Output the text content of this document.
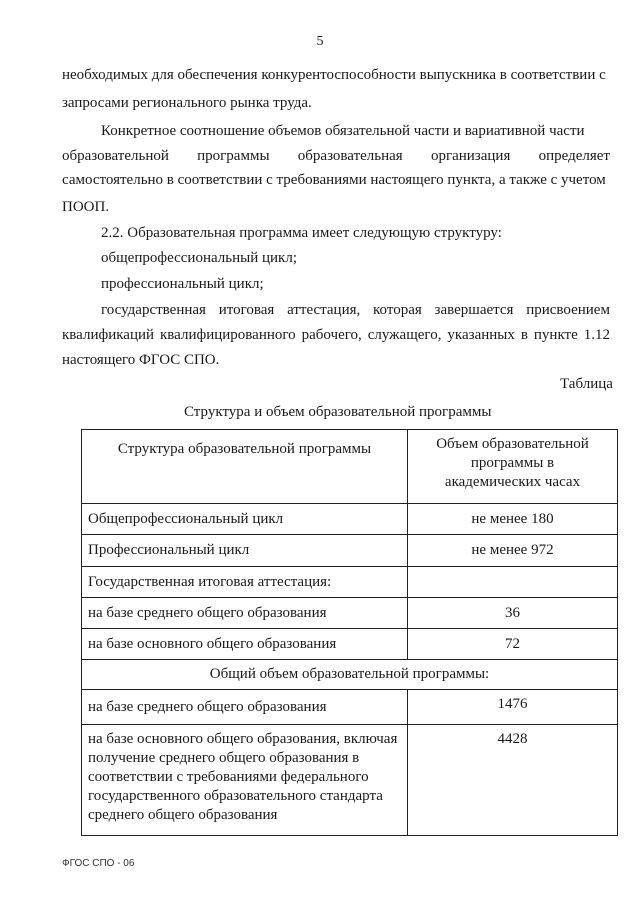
5
необходимых для обеспечения конкурентоспособности выпускника в соответствии с
запросами регионального рынка труда.
Конкретное соотношение объемов обязательной части и вариативной части
образовательной программы образовательная организация определяет
самостоятельно в соответствии с требованиями настоящего пункта, а также с учетом
ПООП.
2.2. Образовательная программа имеет следующую структуру:
общепрофессиональный цикл;
профессиональный цикл;
государственная итоговая аттестация, которая завершается присвоением
квалификаций квалифицированного рабочего, служащего, указанных в пункте 1.12
настоящего ФГОС СПО.
Таблица
Структура и объем образовательной программы
Структура образовательной программы	Объем образовательной
программы в
академических часах

Общепрофессиональный цикл	не менее 180
Профессиональный цикл	не менее 972
Государственная итоговая аттестация:	
на базе среднего общего образования	36
на базе основного общего образования	72
Общий объем образовательной программы:	
на базе среднего общего образования	1476

на базе основного общего образования, включая
получение среднего общего образования в
соответствии с требованиями федерального
государственного образовательного стандарта
среднего общего образования	4428
ФГОС СПО - 06
